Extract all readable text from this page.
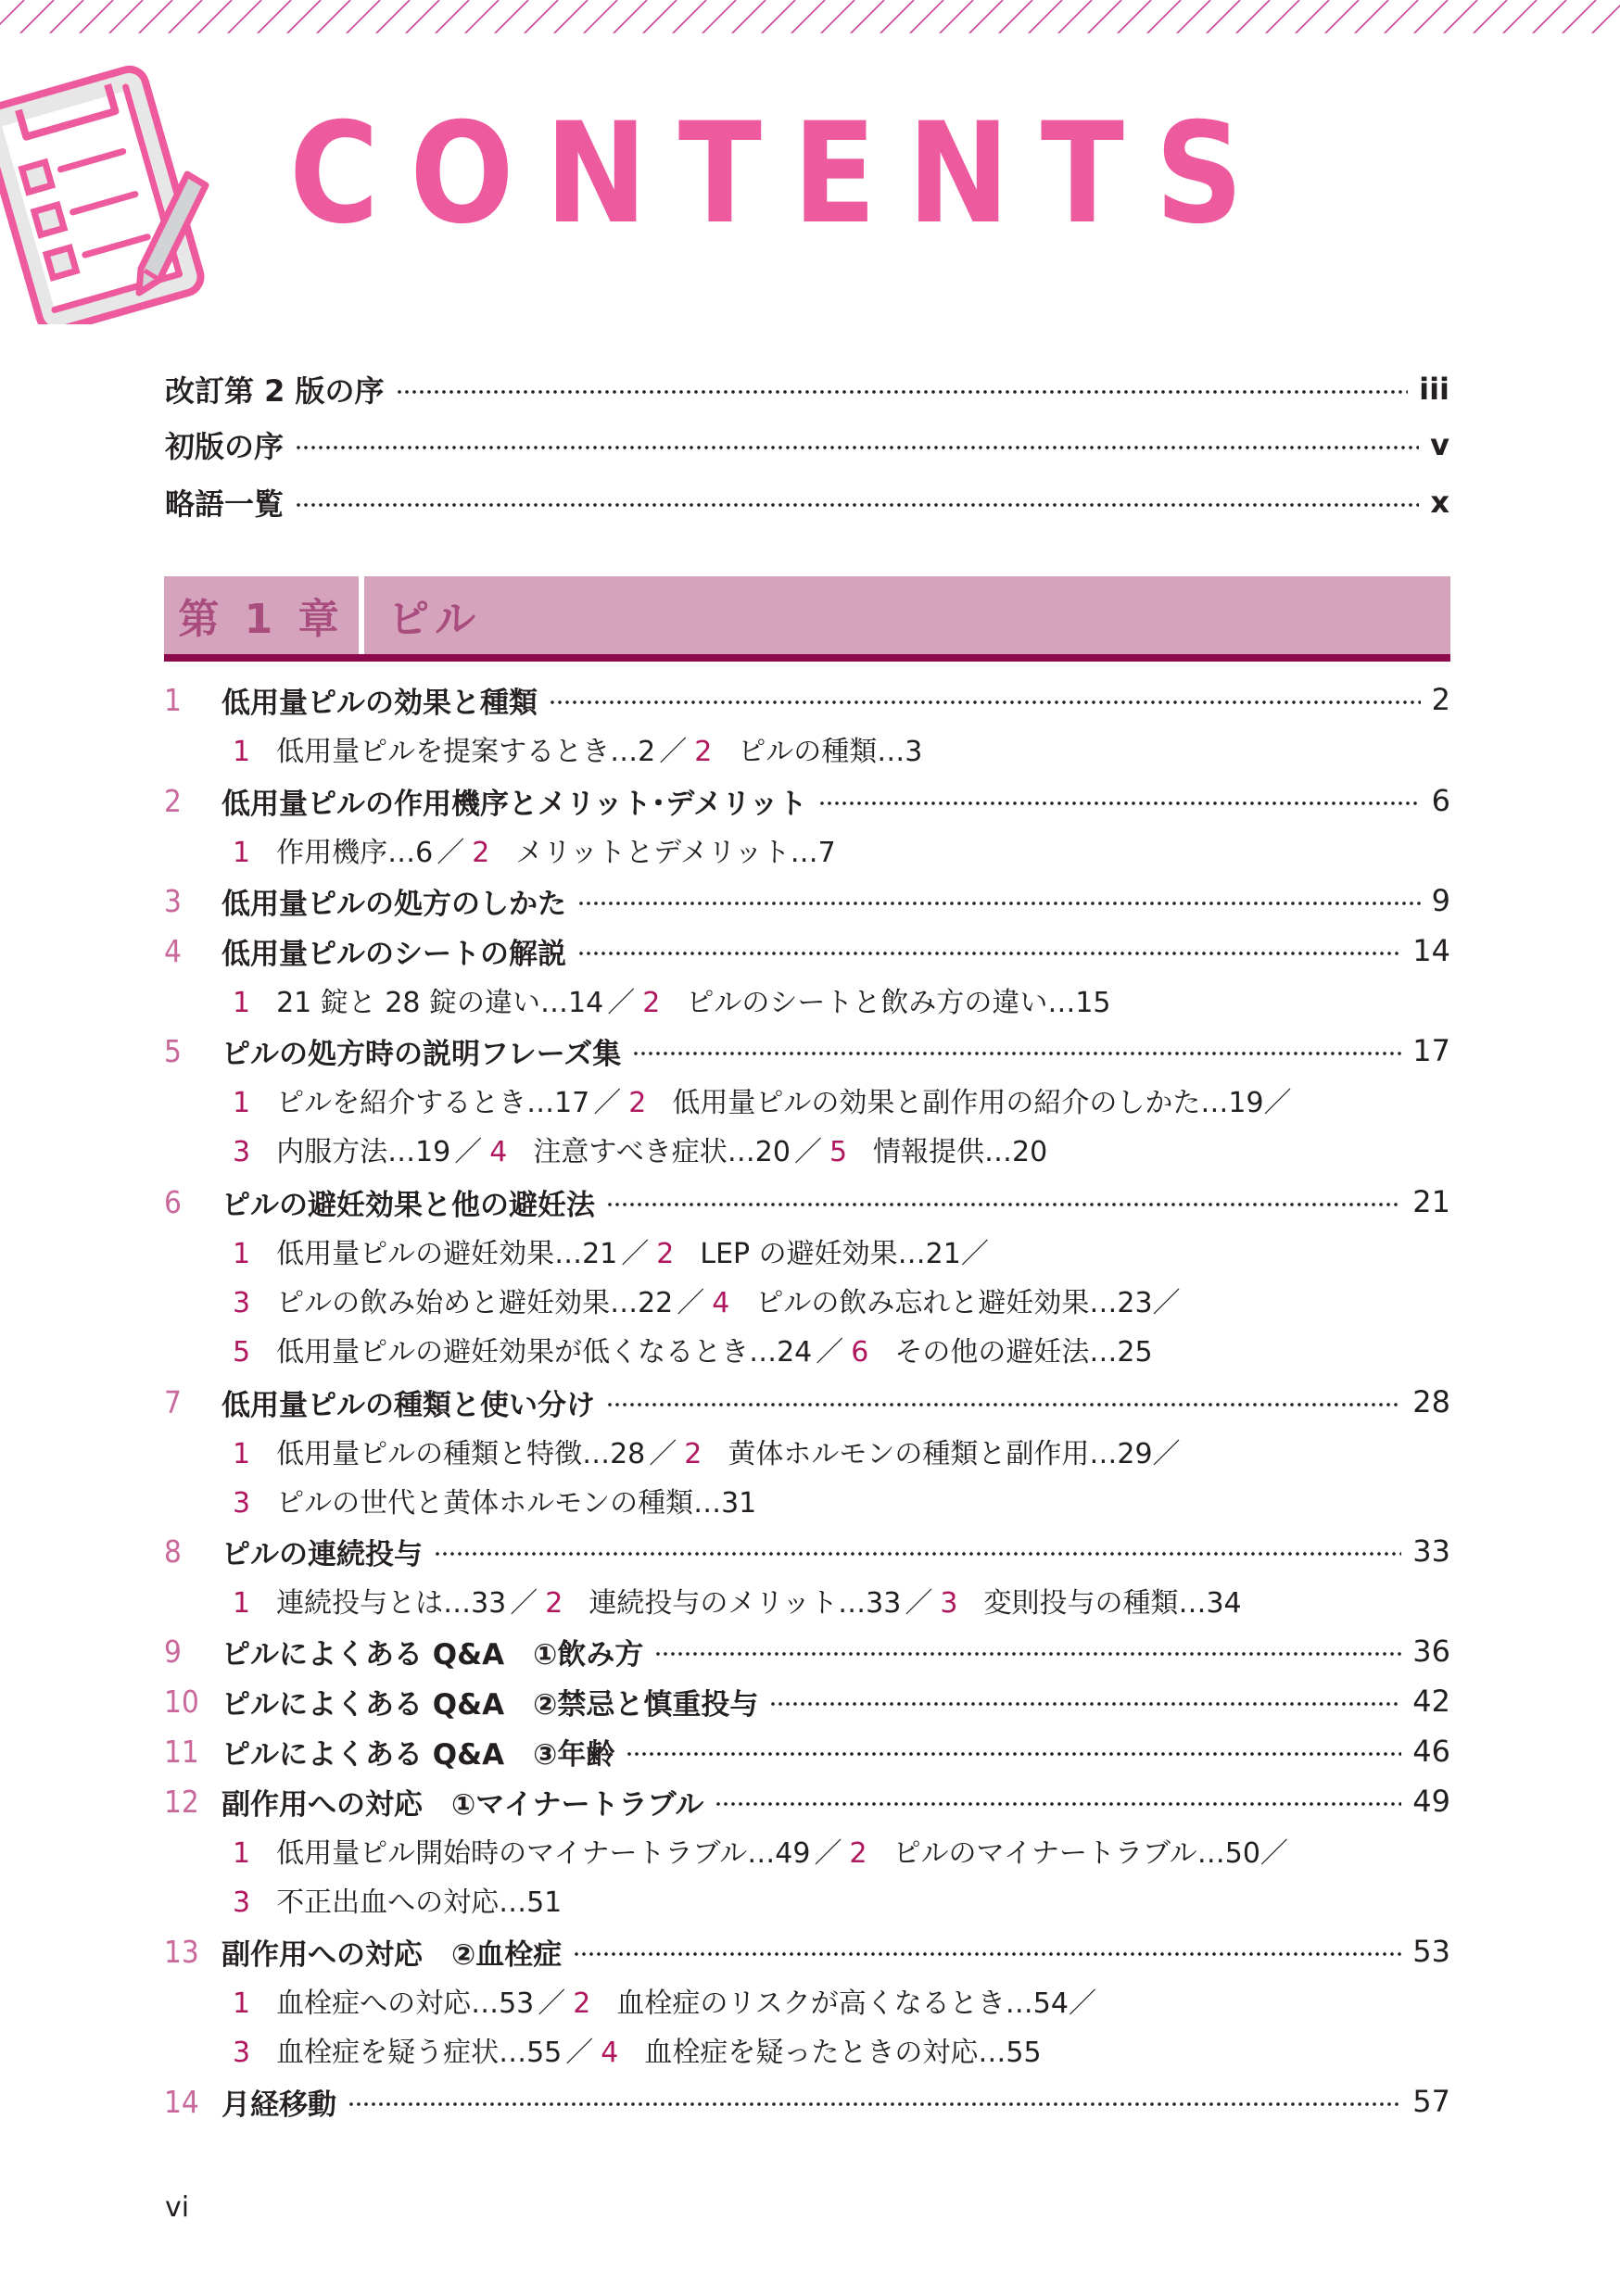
CONTENTS
改訂第 2 版の序	iii
初版の序	v
略語一覧	x
第 1 章 ピル
1	低用量ピルの効果と種類	2
1 低用量ピルを提案するとき…2 ／ 2 ピルの種類…3
2	低用量ピルの作用機序とメリット･デメリット	6
1 作用機序…6 ／ 2 メリットとデメリット…7
3	低用量ピルの処方のしかた	9
4	低用量ピルのシートの解説	14
1 21 錠と 28 錠の違い…14 ／ 2 ピルのシートと飲み方の違い…15
5	ピルの処方時の説明フレーズ集	17
1 ピルを紹介するとき…17 ／ 2 低用量ピルの効果と副作用の紹介のしかた…19／
3 内服方法…19 ／ 4 注意すべき症状…20 ／ 5 情報提供…20
6	ピルの避妊効果と他の避妊法	21
1 低用量ピルの避妊効果…21 ／ 2 LEP の避妊効果…21／
3 ピルの飲み始めと避妊効果…22 ／ 4 ピルの飲み忘れと避妊効果…23／
5 低用量ピルの避妊効果が低くなるとき…24 ／ 6 その他の避妊法…25
7	低用量ピルの種類と使い分け	28
1 低用量ピルの種類と特徴…28 ／ 2 黄体ホルモンの種類と副作用…29／
3 ピルの世代と黄体ホルモンの種類…31
8	ピルの連続投与	33
1 連続投与とは…33 ／ 2 連続投与のメリット…33 ／ 3 変則投与の種類…34
9	ピルによくある Q&A　①飲み方	36
10 ピルによくある Q&A　②禁忌と慎重投与	42
11 ピルによくある Q&A　③年齢	46
12 副作用への対応　①マイナートラブル	49
1 低用量ピル開始時のマイナートラブル…49 ／ 2 ピルのマイナートラブル…50／
3 不正出血への対応…51
13 副作用への対応　②血栓症	53
1 血栓症への対応…53 ／ 2 血栓症のリスクが高くなるとき…54／
3 血栓症を疑う症状…55 ／ 4 血栓症を疑ったときの対応…55
14 月経移動	57
vi
